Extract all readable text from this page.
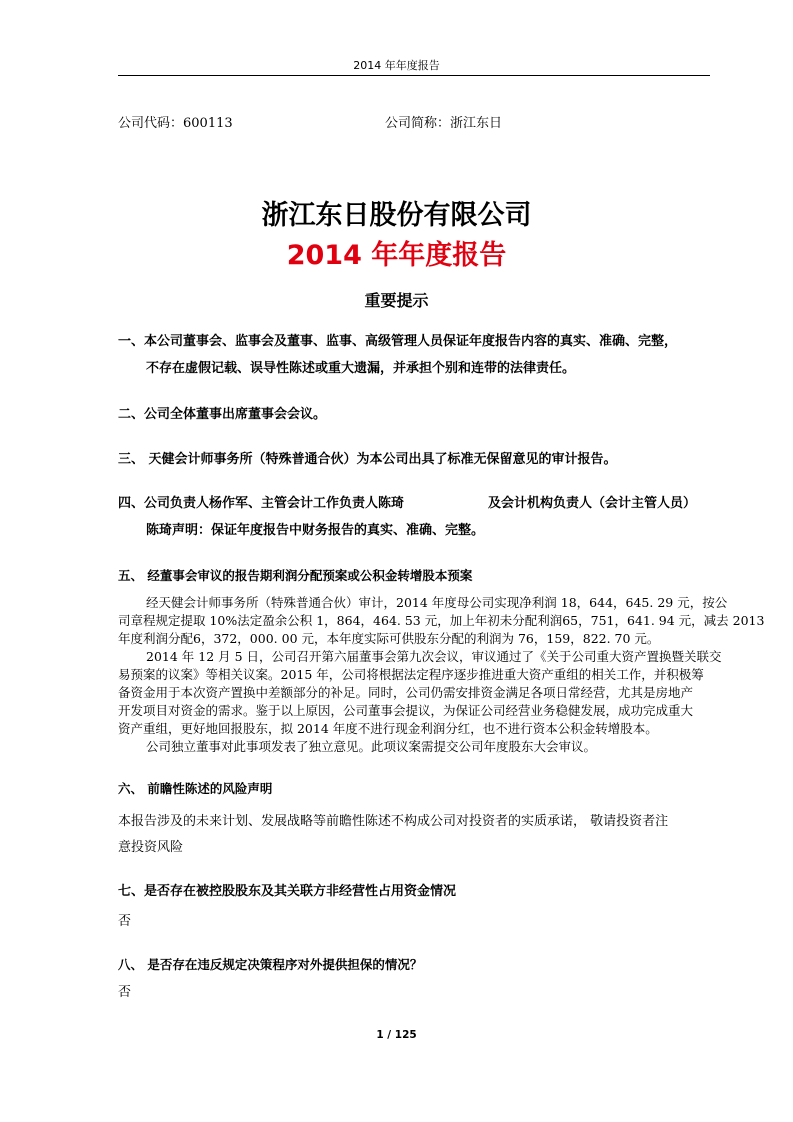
2014 年年度报告
公司代码：600113	公司简称：浙江东日
浙江东日股份有限公司
2014 年年度报告
重要提示
一、本公司董事会、监事会及董事、监事、高级管理人员保证年度报告内容的真实、准确、完整，
不存在虚假记载、误导性陈述或重大遗漏，并承担个别和连带的法律责任。
二、公司全体董事出席董事会会议。
三、 天健会计师事务所（特殊普通合伙）为本公司出具了标准无保留意见的审计报告。
四、公司负责人杨作军、主管会计工作负责人陈琦	及会计机构负责人（会计主管人员）
陈琦声明：保证年度报告中财务报告的真实、准确、完整。
五、 经董事会审议的报告期利润分配预案或公积金转增股本预案
经天健会计师事务所（特殊普通合伙）审计，2014 年度母公司实现净利润 18，644，645. 29 元，按公
司章程规定提取 10%法定盈余公积 1，864，464. 53 元，加上年初未分配利润65，751，641. 94 元，减去 2013
年度利润分配6，372，000. 00 元，本年度实际可供股东分配的利润为 76，159，822. 70 元。
2014 年 12 月 5 日，公司召开第六届董事会第九次会议，审议通过了《关于公司重大资产置换暨关联交
易预案的议案》等相关议案。2015 年，公司将根据法定程序逐步推进重大资产重组的相关工作，并积极筹
备资金用于本次资产置换中差额部分的补足。同时，公司仍需安排资金满足各项日常经营，尤其是房地产
开发项目对资金的需求。鉴于以上原因，公司董事会提议，为保证公司经营业务稳健发展，成功完成重大
资产重组，更好地回报股东，拟 2014 年度不进行现金利润分红，也不进行资本公积金转增股本。
公司独立董事对此事项发表了独立意见。此项议案需提交公司年度股东大会审议。
六、 前瞻性陈述的风险声明
本报告涉及的未来计划、发展战略等前瞻性陈述不构成公司对投资者的实质承诺， 敬请投资者注
意投资风险
七、是否存在被控股股东及其关联方非经营性占用资金情况
否
八、 是否存在违反规定决策程序对外提供担保的情况？
否
1 / 125
